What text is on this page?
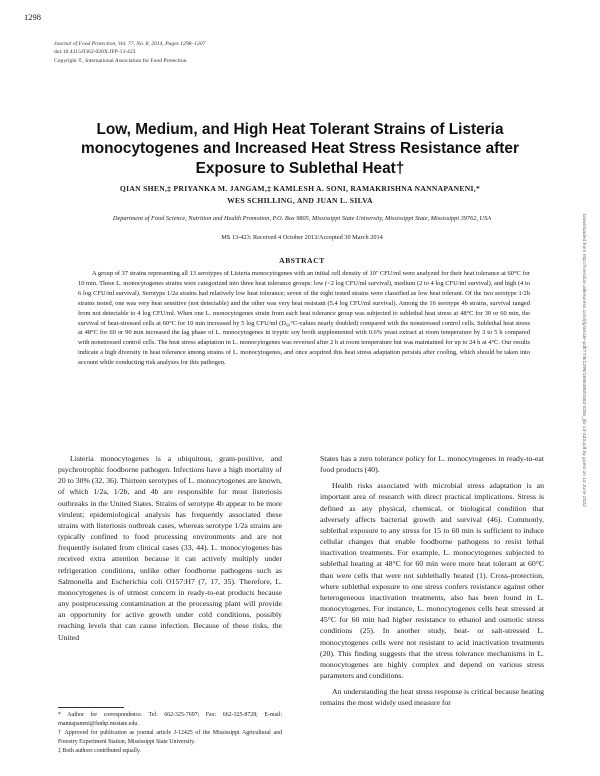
1298
Journal of Food Protection, Vol. 77, No. 8, 2014, Pages 1298–1307
doi:10.4315/0362-028X.JFP-13-423
Copyright ©, International Association for Food Protection
Downloaded from http://meridian.allenpress.com/jfp/article-pdf/77/8/1298/1686388/0362-028x_jfp-13-423.pdf by guest on 10 June 2022
Low, Medium, and High Heat Tolerant Strains of Listeria monocytogenes and Increased Heat Stress Resistance after Exposure to Sublethal Heat†
QIAN SHEN,‡ PRIYANKA M. JANGAM,‡ KAMLESH A. SONI, RAMAKRISHNA NANNAPANENI,*
WES SCHILLING, AND JUAN L. SILVA
Department of Food Science, Nutrition and Health Promotion, P.O. Box 9805, Mississippi State University, Mississippi State, Mississippi 39762, USA
MS 13-423: Received 4 October 2013/Accepted 30 March 2014
ABSTRACT

A group of 37 strains representing all 13 serotypes of Listeria monocytogenes with an initial cell density of 10⁷ CFU/ml were analyzed for their heat tolerance at 60°C for 10 min. These L. monocytogenes strains were categorized into three heat tolerance groups: low (<2 log CFU/ml survival), medium (2 to 4 log CFU/ml survival), and high (4 to 6 log CFU/ml survival). Serotype 1/2a strains had relatively low heat tolerance; seven of the eight tested strains were classified as low heat tolerant. Of the two serotype 1/2b strains tested, one was very heat sensitive (not detectable) and the other was very heat resistant (5.4 log CFU/ml survival). Among the 16 serotype 4b strains, survival ranged from not detectable to 4 log CFU/ml. When one L. monocytogenes strain from each heat tolerance group was subjected to sublethal heat stress at 48°C for 30 or 60 min, the survival of heat-stressed cells at 60°C for 10 min increased by 5 log CFU/ml (D₆₀°C-values nearly doubled) compared with the nonstressed control cells. Sublethal heat stress at 48°C for 60 or 90 min increased the lag phase of L. monocytogenes in tryptic soy broth supplemented with 0.6% yeast extract at room temperature by 3 to 5 h compared with nonstressed control cells. The heat stress adaptation in L. monocytogenes was reversed after 2 h at room temperature but was maintained for up to 24 h at 4°C. Our results indicate a high diversity in heat tolerance among strains of L. monocytogenes, and once acquired this heat stress adaptation persists after cooling, which should be taken into account while conducting risk analyses for this pathogen.

Listeria monocytogenes is a ubiquitous, gram-positive, and psychrotrophic foodborne pathogen. Infections have a high mortality of 20 to 30% (32, 36). Thirteen serotypes of L. monocytogenes are known, of which 1/2a, 1/2b, and 4b are responsible for most listeriosis outbreaks in the United States. Strains of serotype 4b appear to be more virulent; epidemiological analysis has frequently associated these strains with listeriosis outbreak cases, whereas serotype 1/2a strains are typically confined to food processing environments and are not frequently isolated from clinical cases (33, 44). L. monocytogenes has received extra attention because it can actively multiply under refrigeration conditions, unlike other foodborne pathogens such as Salmonella and Escherichia coli O157:H7 (7, 17, 35). Therefore, L. monocytogenes is of utmost concern in ready-to-eat products because any postprocessing contamination at the processing plant will provide an opportunity for active growth under cold conditions, possibly reaching levels that can cause infection. Because of these risks, the United

States has a zero tolerance policy for L. monocytogenes in ready-to-eat food products (40).

Health risks associated with microbial stress adaptation is an important area of research with direct practical implications. Stress is defined as any physical, chemical, or biological condition that adversely affects bacterial growth and survival (46). Commonly, sublethal exposure to any stress for 15 to 60 min is sufficient to induce cellular changes that enable foodborne pathogens to resist lethal inactivation treatments. For example, L. monocytogenes subjected to sublethal heating at 48°C for 60 min were more heat tolerant at 60°C than were cells that were not sublethally heated (1). Cross-protection, where sublethal exposure to one stress confers resistance against other heterogeneous inactivation treatments, also has been found in L. monocytogenes. For instance, L. monocytogenes cells heat stressed at 45°C for 60 min had higher resistance to ethanol and osmotic stress conditions (25). In another study, heat- or salt-stressed L. monocytogenes cells were not resistant to acid inactivation treatments (20). This finding suggests that the stress tolerance mechanisms in L. monocytogenes are highly complex and depend on various stress parameters and conditions.

An understanding the heat stress response is critical because heating remains the most widely used measure for

* Author for correspondence. Tel: 662-325-7697; Fax: 662-325-8728; E-mail: rnannapaneni@fsnhp.msstate.edu.

† Approved for publication as journal article J-12425 of the Mississippi Agricultural and Forestry Experiment Station, Mississippi State University.

‡ Both authors contributed equally.
